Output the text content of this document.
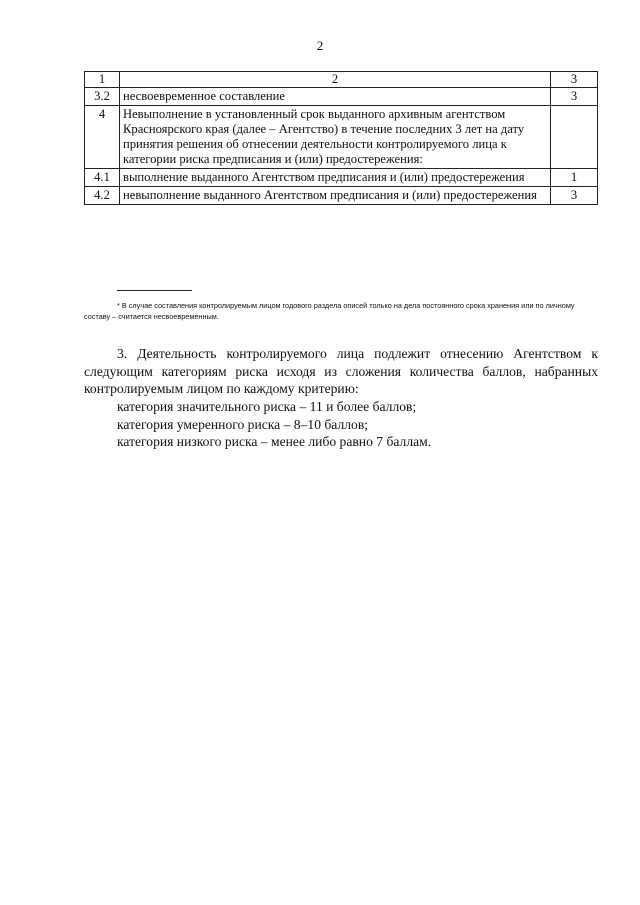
2
1	2	3
3.2	несвоевременное составление	3
4	Невыполнение в установленный срок выданного архивным агентством Красноярского края (далее – Агентство) в течение последних 3 лет на дату принятия решения об отнесении деятельности контролируемого лица к категории риска предписания и (или) предостережения:	
4.1	выполнение выданного Агентством предписания и (или) предостережения	1
4.2	невыполнение выданного Агентством предписания и (или) предостережения	3
* В случае составления контролируемым лицом годового раздела описей только на дела постоянного срока хранения или по личному составу – считается несвоевременным.
3. Деятельность контролируемого лица подлежит отнесению Агентством к следующим категориям риска исходя из сложения количества баллов, набранных контролируемым лицом по каждому критерию:
категория значительного риска – 11 и более баллов;
категория умеренного риска – 8–10 баллов;
категория низкого риска – менее либо равно 7 баллам.
